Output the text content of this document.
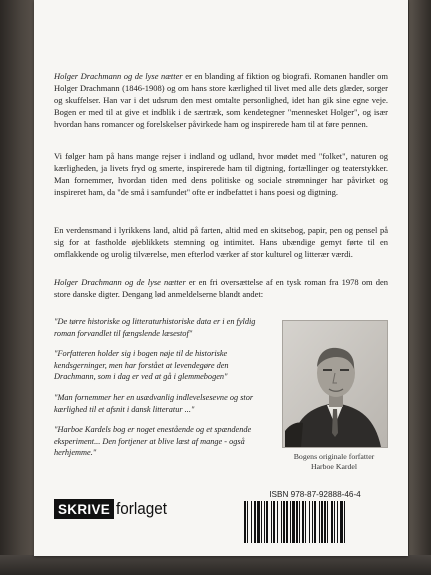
Holger Drachmann og de lyse nætter er en blanding af fiktion og biografi. Romanen handler om Holger Drachmann (1846-1908) og om hans store kærlighed til livet med alle dets glæder, sorger og skuffelser. Han var i det udsrum den mest omtalte personlighed, idet han gik sine egne veje. Bogen er med til at give et indblik i de særtræk, som kendetegner "mennesket Holger", og især hvordan hans romancer og forelskelser påvirkede ham og inspirerede ham til at føre pennen.

Vi følger ham på hans mange rejser i indland og udland, hvor mødet med "folket", naturen og kærligheden, ja livets fryd og smerte, inspirerede ham til digtning, fortællinger og teaterstykker. Man fornemmer, hvordan tiden med dens politiske og sociale strømninger har påvirket og inspireret ham, da "de små i samfundet" ofte er indbefattet i hans poesi og digtning.

En verdensmand i lyrikkens land, altid på farten, altid med en skitsebog, papir, pen og pensel på sig for at fastholde øjeblikkets stemning og intimitet. Hans ubændige gemyt førte til en omflakkende og urolig tilværelse, men efterlod værker af stor kulturel og litterær værdi.

Holger Drachmann og de lyse nætter er en fri oversættelse af en tysk roman fra 1978 om den store danske digter. Dengang lød anmeldelserne blandt andet:

"De tørre historiske og litteraturhistoriske data er i en fyldig roman forvandlet til fængslende læsestof"

"Forfatteren holder sig i bogen nøje til de historiske kendsgerninger, men har forstået at levendegøre den Drachmann, som i dag er ved at gå i glemmebogen"

"Man fornemmer her en usædvanlig indlevelsesevne og stor kærlighed til et afsnit i dansk litteratur ..."

"Harboe Kardels bog er noget enestående og et spændende eksperiment... Den fortjener at blive læst af mange - også herhjemme."	Bogens originale forfatter
Harboe Kardel
SKRIVE forlaget
ISBN 978-87-92888-46-4
